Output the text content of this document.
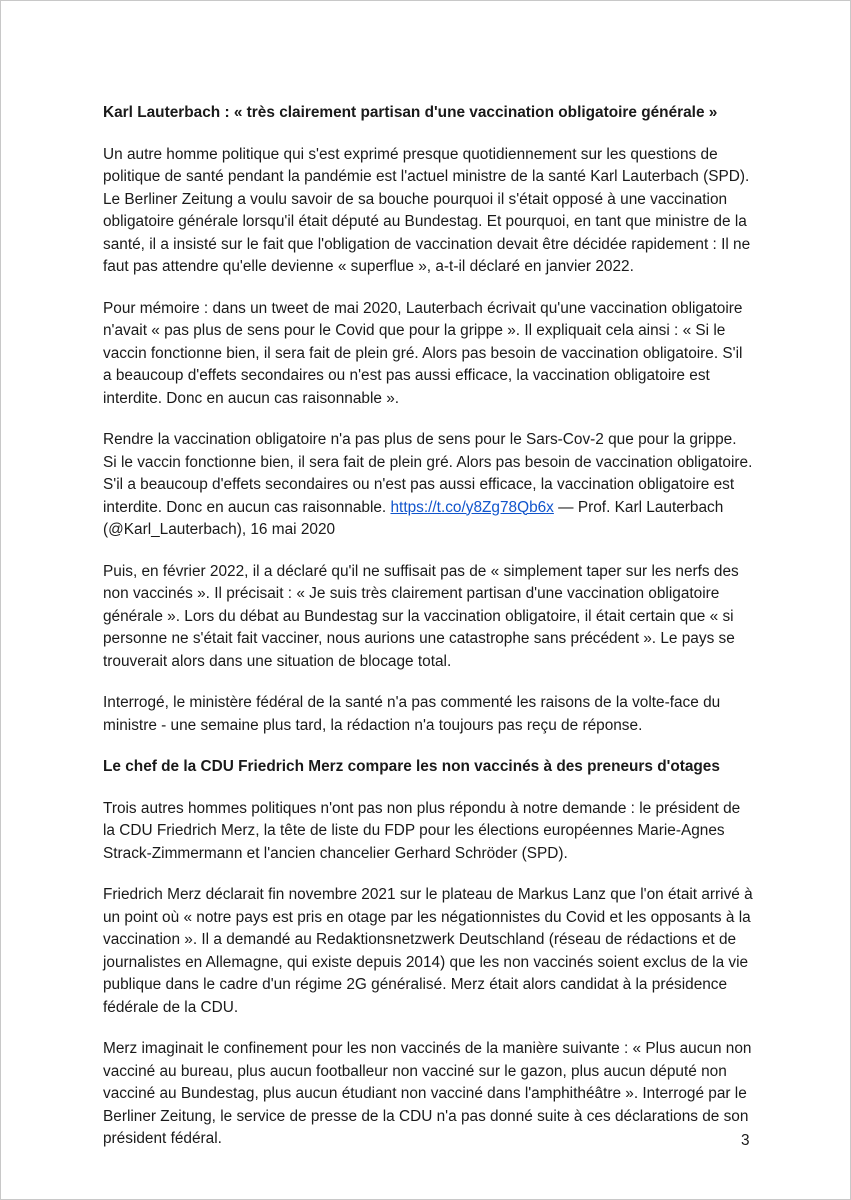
Karl Lauterbach : « très clairement partisan d'une vaccination obligatoire générale »

Un autre homme politique qui s'est exprimé presque quotidiennement sur les questions de politique de santé pendant la pandémie est l'actuel ministre de la santé Karl Lauterbach (SPD). Le Berliner Zeitung a voulu savoir de sa bouche pourquoi il s'était opposé à une vaccination obligatoire générale lorsqu'il était député au Bundestag. Et pourquoi, en tant que ministre de la santé, il a insisté sur le fait que l'obligation de vaccination devait être décidée rapidement : Il ne faut pas attendre qu'elle devienne « superflue », a-t-il déclaré en janvier 2022.

Pour mémoire : dans un tweet de mai 2020, Lauterbach écrivait qu'une vaccination obligatoire n'avait « pas plus de sens pour le Covid que pour la grippe ». Il expliquait cela ainsi : « Si le vaccin fonctionne bien, il sera fait de plein gré. Alors pas besoin de vaccination obligatoire. S'il a beaucoup d'effets secondaires ou n'est pas aussi efficace, la vaccination obligatoire est interdite. Donc en aucun cas raisonnable ».

Rendre la vaccination obligatoire n'a pas plus de sens pour le Sars-Cov-2 que pour la grippe. Si le vaccin fonctionne bien, il sera fait de plein gré. Alors pas besoin de vaccination obligatoire. S'il a beaucoup d'effets secondaires ou n'est pas aussi efficace, la vaccination obligatoire est interdite. Donc en aucun cas raisonnable. https://t.co/y8Zg78Qb6x — Prof. Karl Lauterbach (@Karl_Lauterbach), 16 mai 2020

Puis, en février 2022, il a déclaré qu'il ne suffisait pas de « simplement taper sur les nerfs des non vaccinés ». Il précisait : « Je suis très clairement partisan d'une vaccination obligatoire générale ». Lors du débat au Bundestag sur la vaccination obligatoire, il était certain que « si personne ne s'était fait vacciner, nous aurions une catastrophe sans précédent ». Le pays se trouverait alors dans une situation de blocage total.

Interrogé, le ministère fédéral de la santé n'a pas commenté les raisons de la volte-face du ministre - une semaine plus tard, la rédaction n'a toujours pas reçu de réponse.

Le chef de la CDU Friedrich Merz compare les non vaccinés à des preneurs d'otages

Trois autres hommes politiques n'ont pas non plus répondu à notre demande : le président de la CDU Friedrich Merz, la tête de liste du FDP pour les élections européennes Marie-Agnes Strack-Zimmermann et l'ancien chancelier Gerhard Schröder (SPD).

Friedrich Merz déclarait fin novembre 2021 sur le plateau de Markus Lanz que l'on était arrivé à un point où « notre pays est pris en otage par les négationnistes du Covid et les opposants à la vaccination ». Il a demandé au Redaktionsnetzwerk Deutschland (réseau de rédactions et de journalistes en Allemagne, qui existe depuis 2014) que les non vaccinés soient exclus de la vie publique dans le cadre d'un régime 2G généralisé. Merz était alors candidat à la présidence fédérale de la CDU.

Merz imaginait le confinement pour les non vaccinés de la manière suivante : « Plus aucun non vacciné au bureau, plus aucun footballeur non vacciné sur le gazon, plus aucun député non vacciné au Bundestag, plus aucun étudiant non vacciné dans l'amphithéâtre ». Interrogé par le Berliner Zeitung, le service de presse de la CDU n'a pas donné suite à ces déclarations de son président fédéral.	3
